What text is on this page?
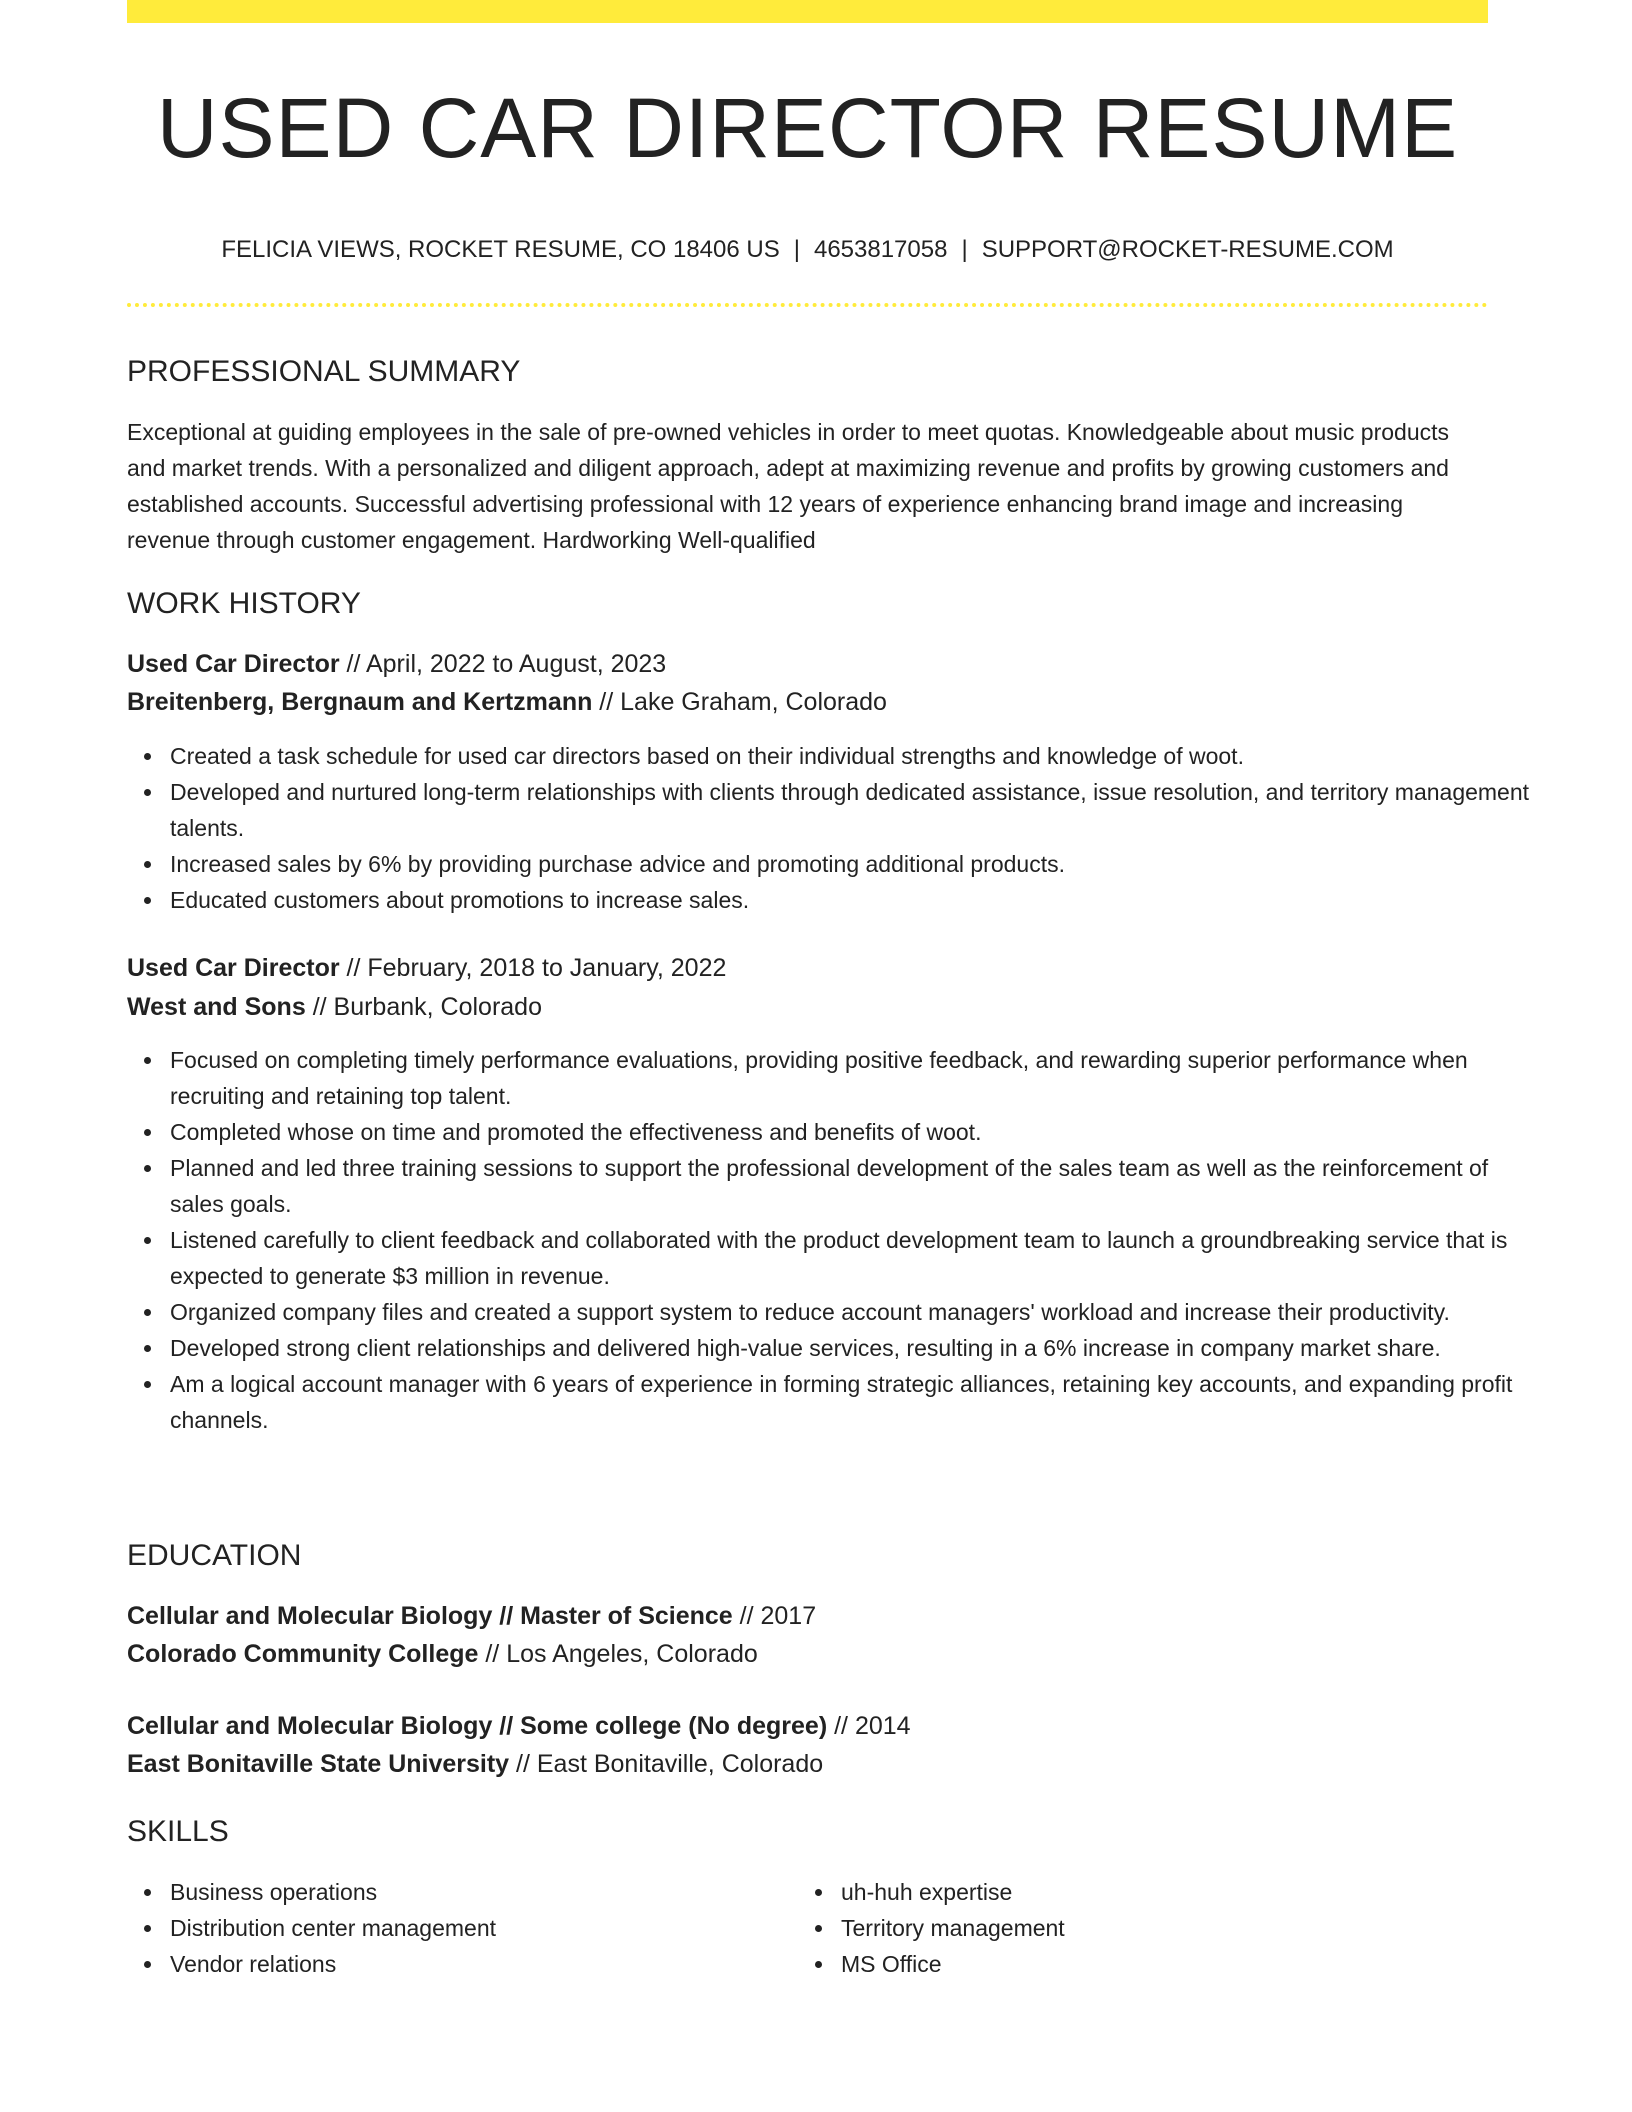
USED CAR DIRECTOR RESUME
FELICIA VIEWS, ROCKET RESUME, CO 18406 US | 4653817058 | SUPPORT@ROCKET-RESUME.COM
PROFESSIONAL SUMMARY

Exceptional at guiding employees in the sale of pre-owned vehicles in order to meet quotas. Knowledgeable about music products and market trends. With a personalized and diligent approach, adept at maximizing revenue and profits by growing customers and established accounts. Successful advertising professional with 12 years of experience enhancing brand image and increasing revenue through customer engagement. Hardworking Well-qualified

WORK HISTORY
Used Car Director // April, 2022 to August, 2023
Breitenberg, Bergnaum and Kertzmann // Lake Graham, Colorado
Created a task schedule for used car directors based on their individual strengths and knowledge of woot.
Developed and nurtured long-term relationships with clients through dedicated assistance, issue resolution, and territory management talents.
Increased sales by 6% by providing purchase advice and promoting additional products.
Educated customers about promotions to increase sales.
Used Car Director // February, 2018 to January, 2022
West and Sons // Burbank, Colorado
Focused on completing timely performance evaluations, providing positive feedback, and rewarding superior performance when recruiting and retaining top talent.
Completed whose on time and promoted the effectiveness and benefits of woot.
Planned and led three training sessions to support the professional development of the sales team as well as the reinforcement of sales goals.
Listened carefully to client feedback and collaborated with the product development team to launch a groundbreaking service that is expected to generate $3 million in revenue.
Organized company files and created a support system to reduce account managers' workload and increase their productivity.
Developed strong client relationships and delivered high-value services, resulting in a 6% increase in company market share.
Am a logical account manager with 6 years of experience in forming strategic alliances, retaining key accounts, and expanding profit channels.
EDUCATION
Cellular and Molecular Biology // Master of Science // 2017
Colorado Community College // Los Angeles, Colorado
Cellular and Molecular Biology // Some college (No degree) // 2014
East Bonitaville State University // East Bonitaville, Colorado
SKILLS
Business operations
Distribution center management
Vendor relations
uh-huh expertise
Territory management
MS Office
